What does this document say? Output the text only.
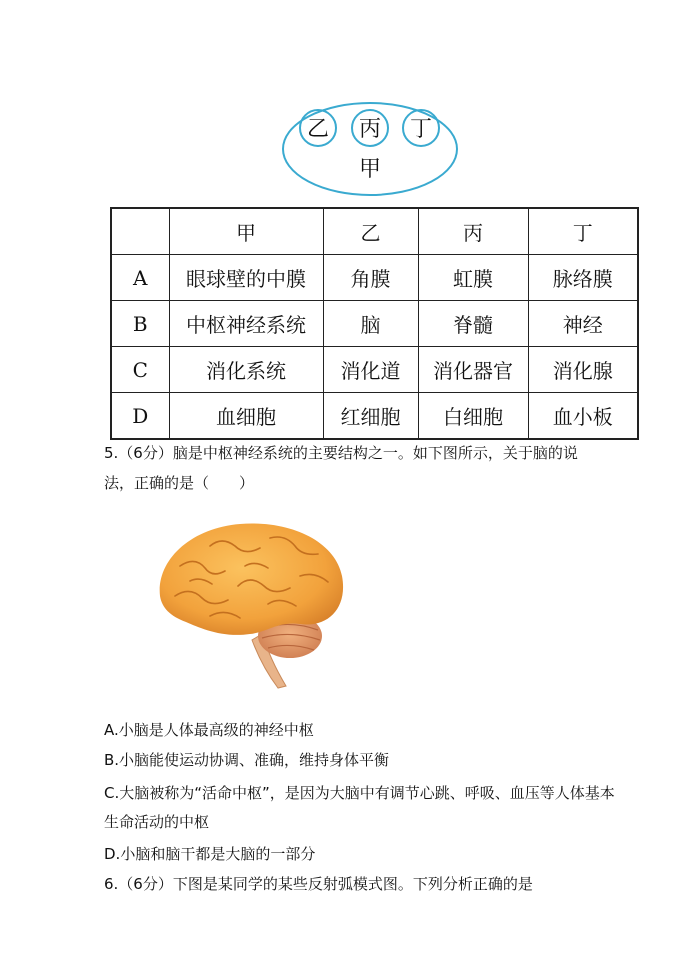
乙 丙 丁
甲
	甲	乙	丙	丁
A	眼球壁的中膜	角膜	虹膜	脉络膜
B	中枢神经系统	脑	脊髓	神经
C	消化系统	消化道	消化器官	消化腺
D	血细胞	红细胞	白细胞	血小板
5.（6分）脑是中枢神经系统的主要结构之一。如下图所示，关于脑的说
法，正确的是（　　）
A.小脑是人体最高级的神经中枢
B.小脑能使运动协调、准确，维持身体平衡
C.大脑被称为“活命中枢”，是因为大脑中有调节心跳、呼吸、血压等人体基本生命活动的中枢
D.小脑和脑干都是大脑的一部分
6.（6分）下图是某同学的某些反射弧模式图。下列分析正确的是
